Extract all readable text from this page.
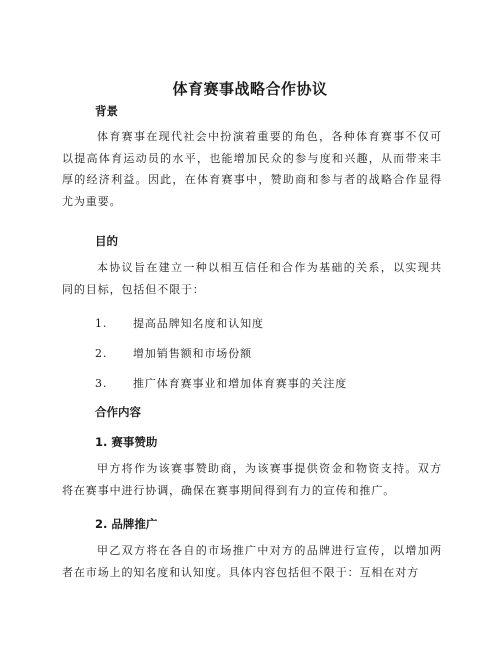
体育赛事战略合作协议
背景
体育赛事在现代社会中扮演着重要的角色，各种体育赛事不仅可以提高体育运动员的水平，也能增加民众的参与度和兴趣，从而带来丰厚的经济利益。因此，在体育赛事中，赞助商和参与者的战略合作显得尤为重要。
目的
本协议旨在建立一种以相互信任和合作为基础的关系，以实现共同的目标，包括但不限于：
1. 提高品牌知名度和认知度
2. 增加销售额和市场份额
3. 推广体育赛事业和增加体育赛事的关注度
合作内容
1. 赛事赞助
甲方将作为该赛事赞助商，为该赛事提供资金和物资支持。双方将在赛事中进行协调，确保在赛事期间得到有力的宣传和推广。
2. 品牌推广
甲乙双方将在各自的市场推广中对方的品牌进行宣传，以增加两者在市场上的知名度和认知度。具体内容包括但不限于：互相在对方
